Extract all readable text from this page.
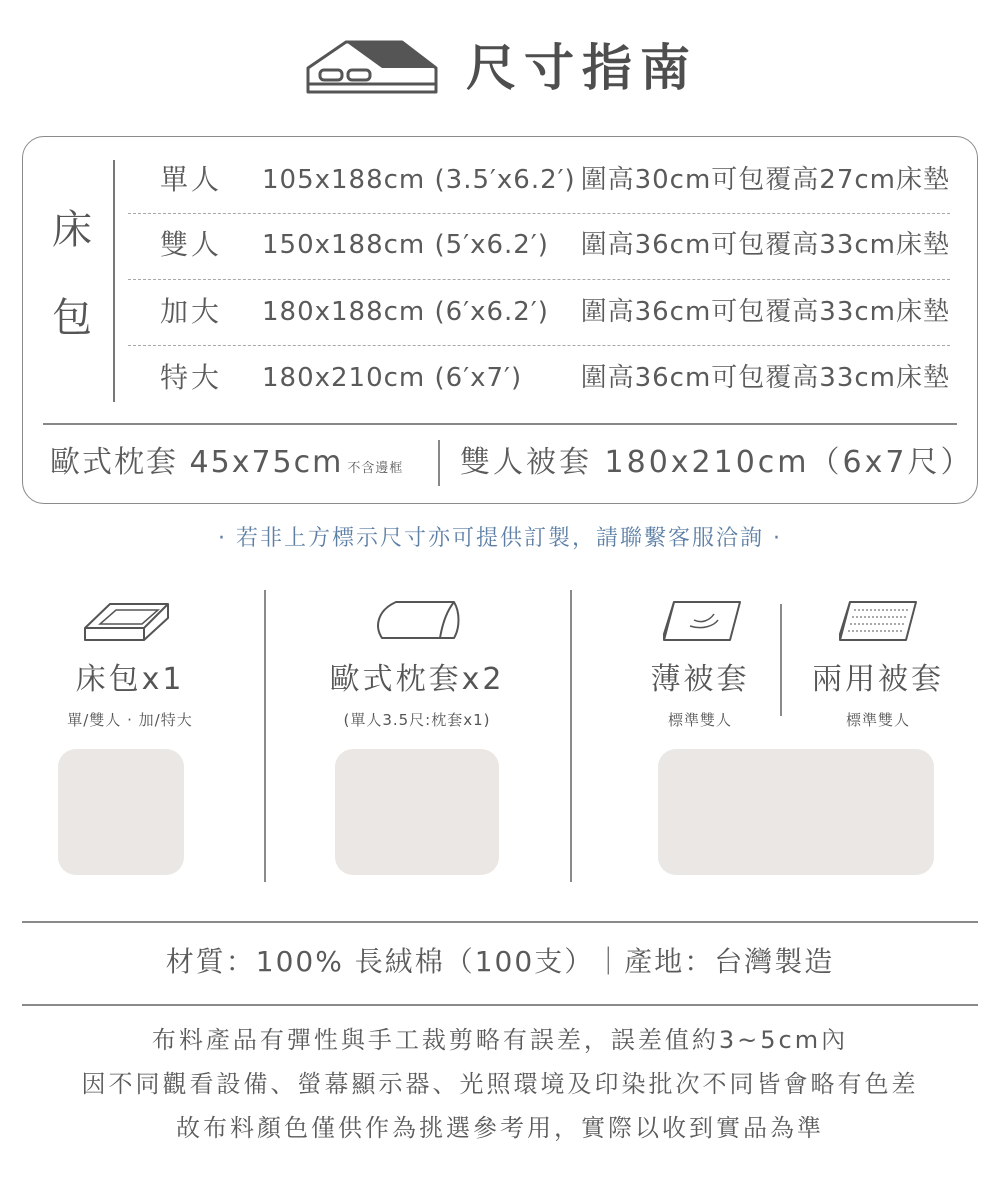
尺寸指南
床
包
單人 105x188cm (3.5′x6.2′) 圍高30cm可包覆高27cm床墊
雙人 150x188cm (5′x6.2′) 圍高36cm可包覆高33cm床墊
加大 180x188cm (6′x6.2′) 圍高36cm可包覆高33cm床墊
特大 180x210cm (6′x7′) 圍高36cm可包覆高33cm床墊
歐式枕套 45x75cm 不含邊框 雙人被套 180x210cm（6x7尺）
· 若非上方標示尺寸亦可提供訂製，請聯繫客服洽詢 ·
床包x1
單/雙人 · 加/特大
歐式枕套x2
(單人3.5尺:枕套x1)
薄被套
標準雙人
兩用被套
標準雙人
材質：100% 長絨棉（100支）｜產地：台灣製造
布料產品有彈性與手工裁剪略有誤差，誤差值約3~5cm內
因不同觀看設備、螢幕顯示器、光照環境及印染批次不同皆會略有色差
故布料顏色僅供作為挑選參考用，實際以收到實品為準
